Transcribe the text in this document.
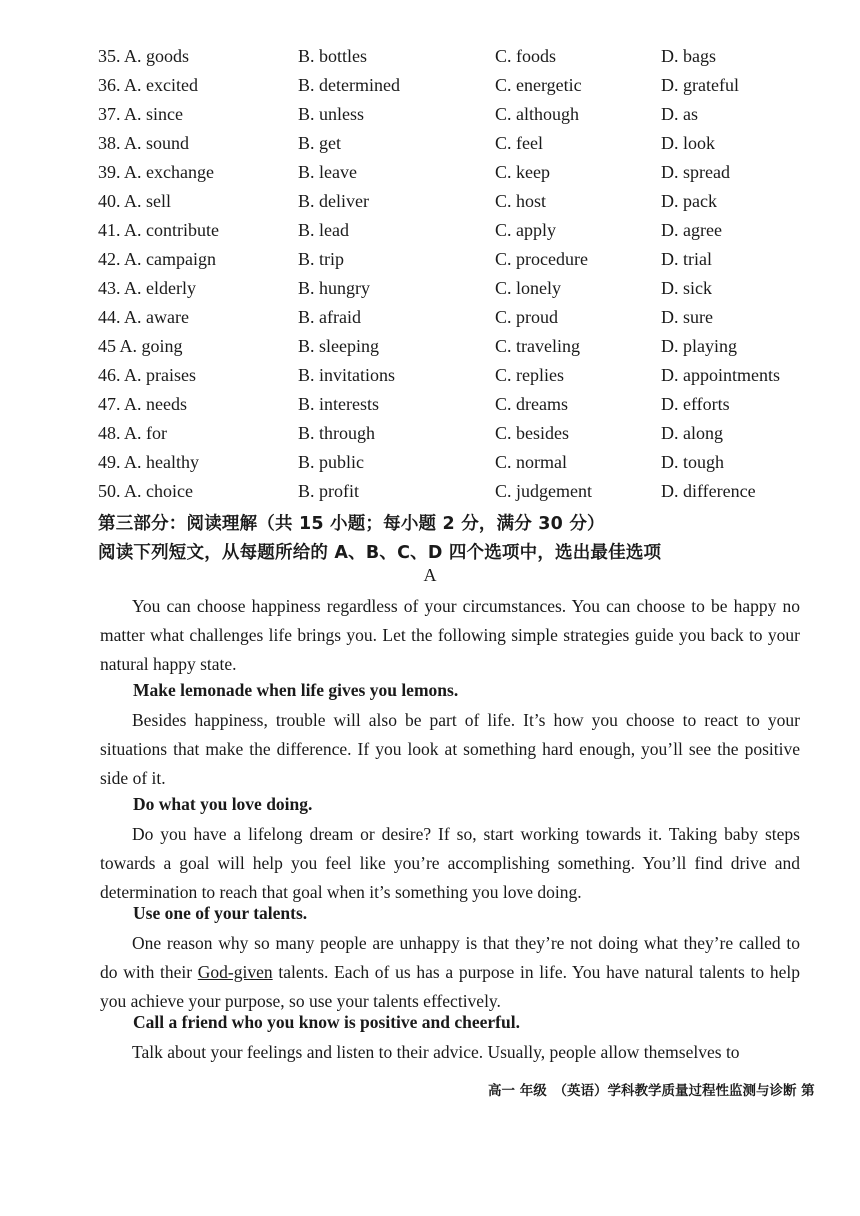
35. A. goods	B. bottles	C. foods	D. bags
36. A. excited	B. determined	C. energetic	D. grateful
37. A. since	B. unless	C. although	D. as
38. A. sound	B. get	C. feel	D. look
39. A. exchange	B. leave	C. keep	D. spread
40. A. sell	B. deliver	C. host	D. pack
41. A. contribute	B. lead	C. apply	D. agree
42. A. campaign	B. trip	C. procedure	D. trial
43. A. elderly	B. hungry	C. lonely	D. sick
44. A. aware	B. afraid	C. proud	D. sure
45 A. going	B. sleeping	C. traveling	D. playing
46. A. praises	B. invitations	C. replies	D. appointments
47. A. needs	B. interests	C. dreams	D. efforts
48. A. for	B. through	C. besides	D. along
49. A. healthy	B. public	C. normal	D. tough
50. A. choice	B. profit	C. judgement	D. difference
第三部分：阅读理解（共 15 小题；每小题 2 分，满分 30 分）
阅读下列短文，从每题所给的 A、B、C、D 四个选项中，选出最佳选项
A

You can choose happiness regardless of your circumstances. You can choose to be happy no matter what challenges life brings you. Let the following simple strategies guide you back to your natural happy state.

Make lemonade when life gives you lemons.

Besides happiness, trouble will also be part of life. It’s how you choose to react to your situations that make the difference. If you look at something hard enough, you’ll see the positive side of it.

Do what you love doing.

Do you have a lifelong dream or desire? If so, start working towards it. Taking baby steps towards a goal will help you feel like you’re accomplishing something. You’ll find drive and determination to reach that goal when it’s something you love doing.

Use one of your talents.

One reason why so many people are unhappy is that they’re not doing what they’re called to do with their God-given talents. Each of us has a purpose in life. You have natural talents to help you achieve your purpose, so use your talents effectively.

Call a friend who you know is positive and cheerful.

Talk about your feelings and listen to their advice. Usually, people allow themselves to

高一 年级　（英语）学科教学质量过程性监测与诊断 第
